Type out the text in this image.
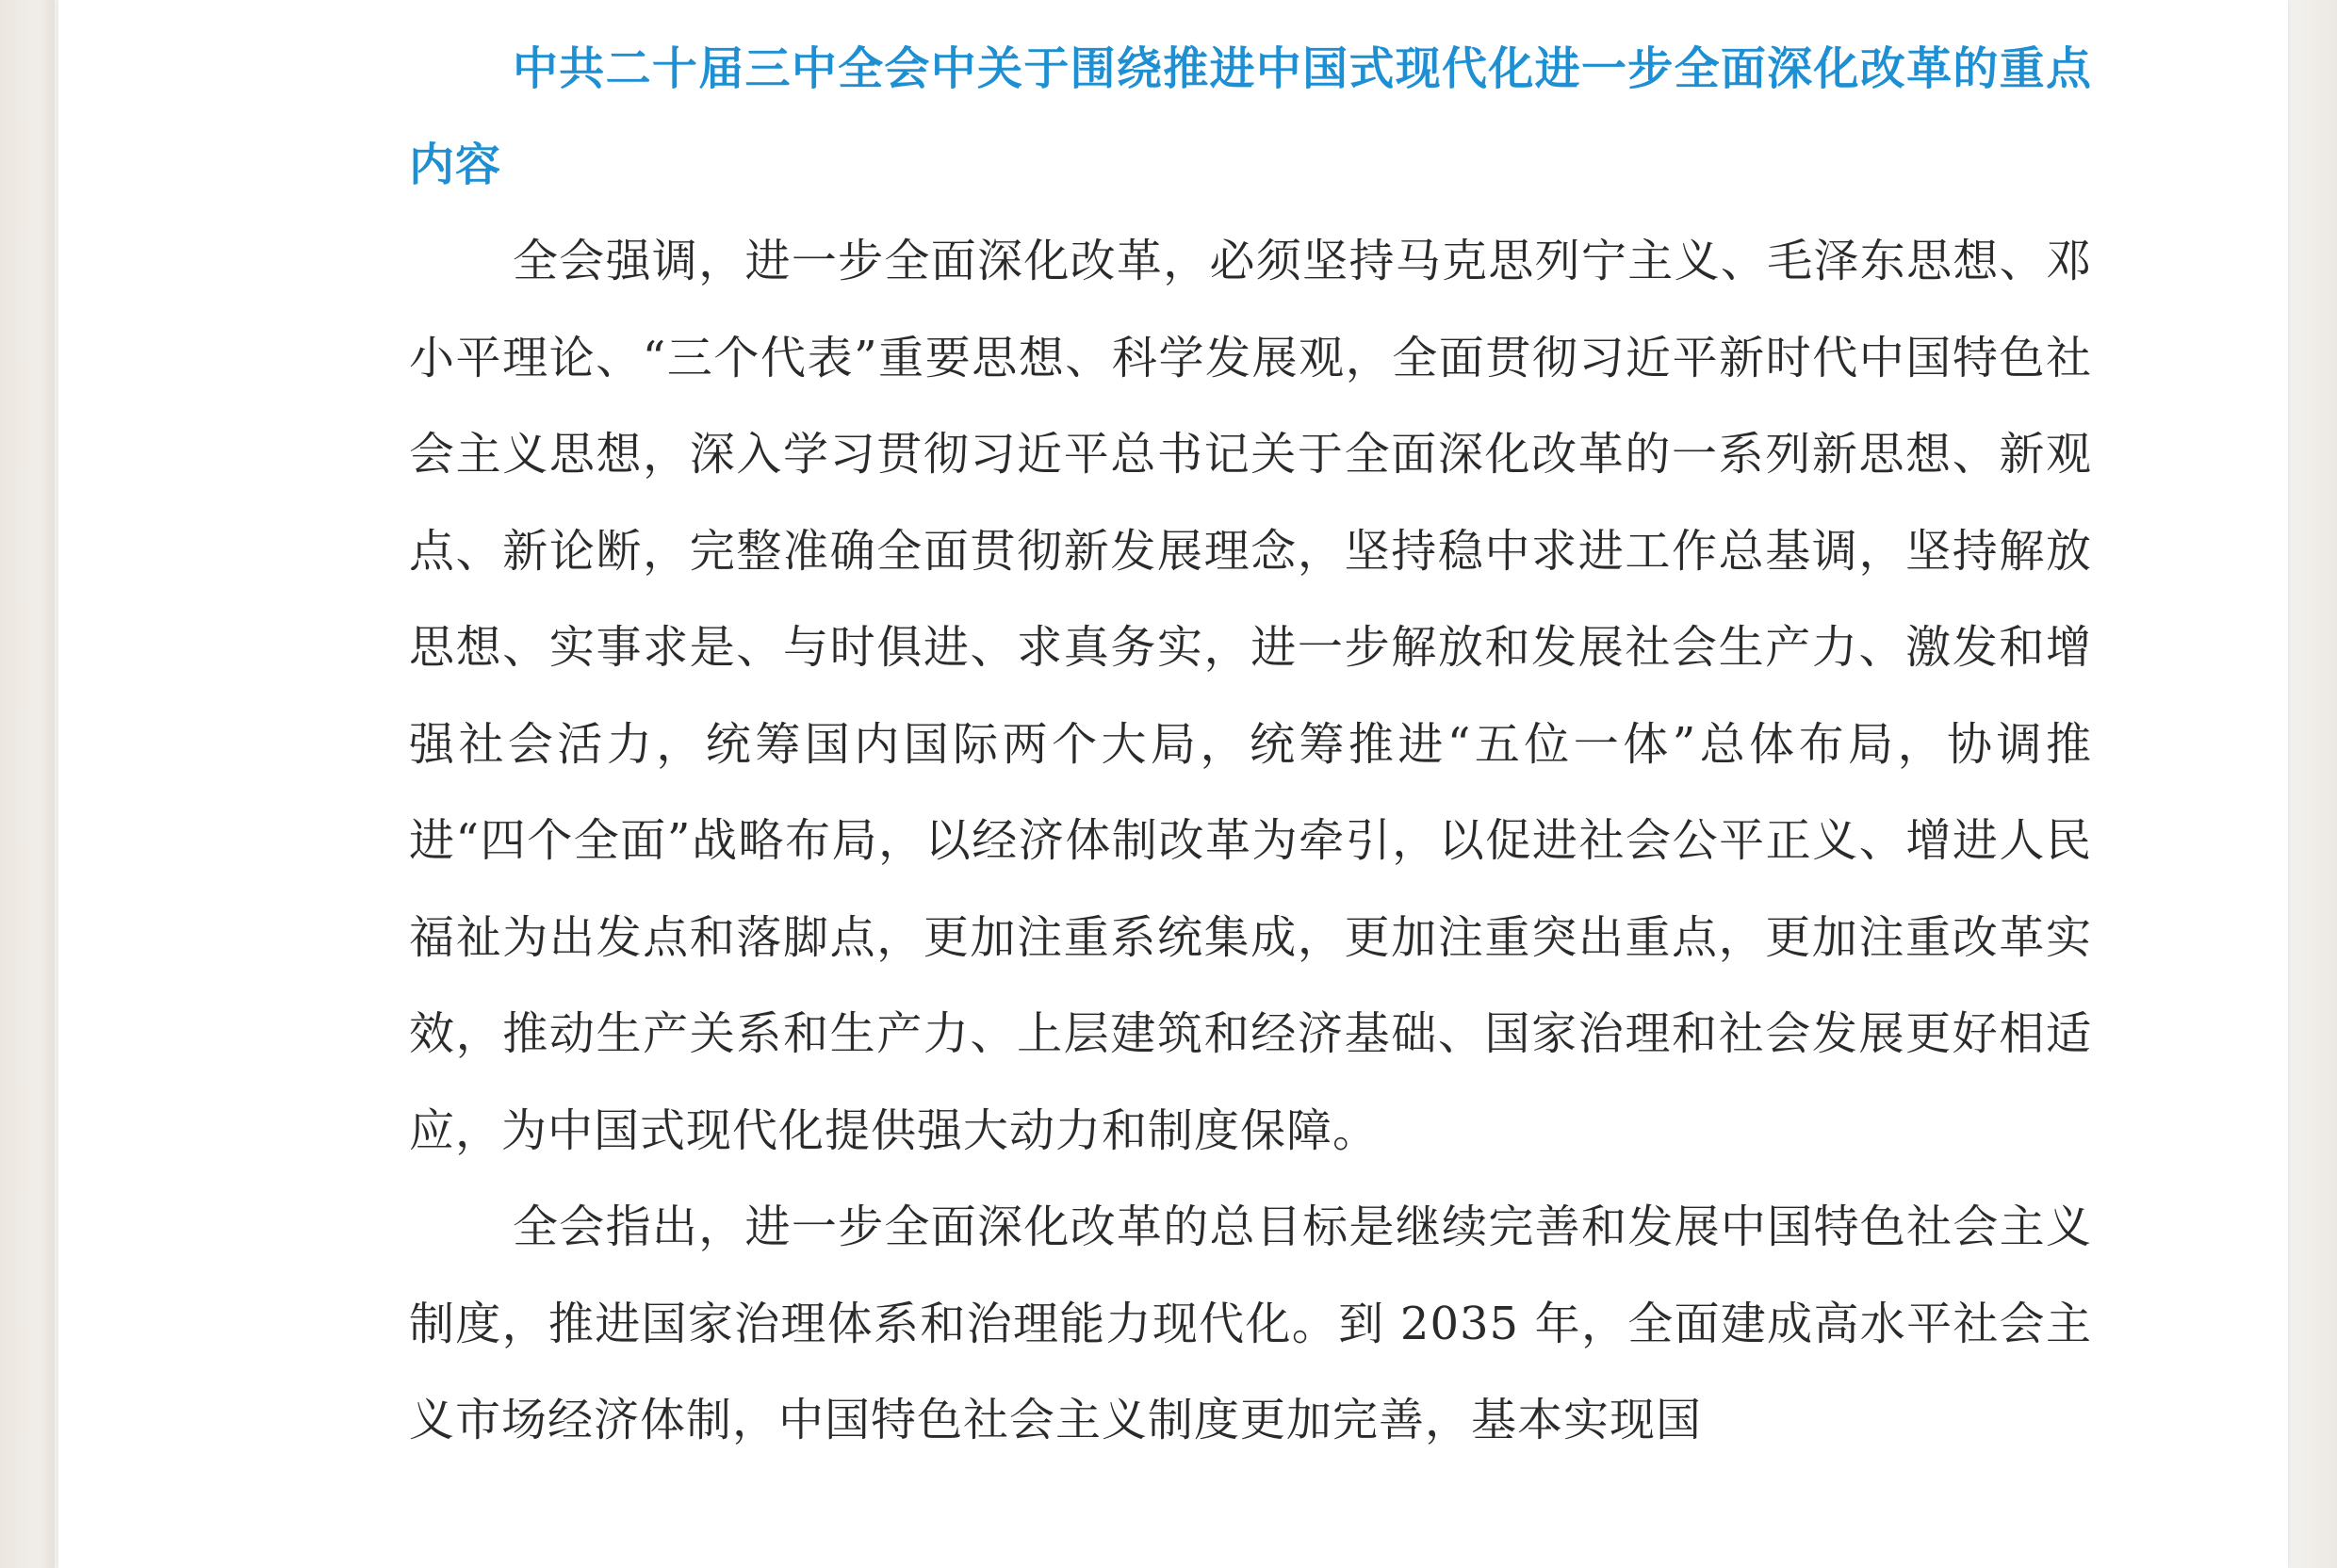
中共二十届三中全会中关于围绕推进中国式现代化进一步全面深化改革的重点内容

全会强调，进一步全面深化改革，必须坚持马克思列宁主义、毛泽东思想、邓小平理论、“三个代表”重要思想、科学发展观，全面贯彻习近平新时代中国特色社会主义思想，深入学习贯彻习近平总书记关于全面深化改革的一系列新思想、新观点、新论断，完整准确全面贯彻新发展理念，坚持稳中求进工作总基调，坚持解放思想、实事求是、与时俱进、求真务实，进一步解放和发展社会生产力、激发和增强社会活力，统筹国内国际两个大局，统筹推进“五位一体”总体布局，协调推进“四个全面”战略布局，以经济体制改革为牵引，以促进社会公平正义、增进人民福祉为出发点和落脚点，更加注重系统集成，更加注重突出重点，更加注重改革实效，推动生产关系和生产力、上层建筑和经济基础、国家治理和社会发展更好相适应，为中国式现代化提供强大动力和制度保障。

全会指出，进一步全面深化改革的总目标是继续完善和发展中国特色社会主义制度，推进国家治理体系和治理能力现代化。到 2035 年，全面建成高水平社会主义市场经济体制，中国特色社会主义制度更加完善，基本实现国
